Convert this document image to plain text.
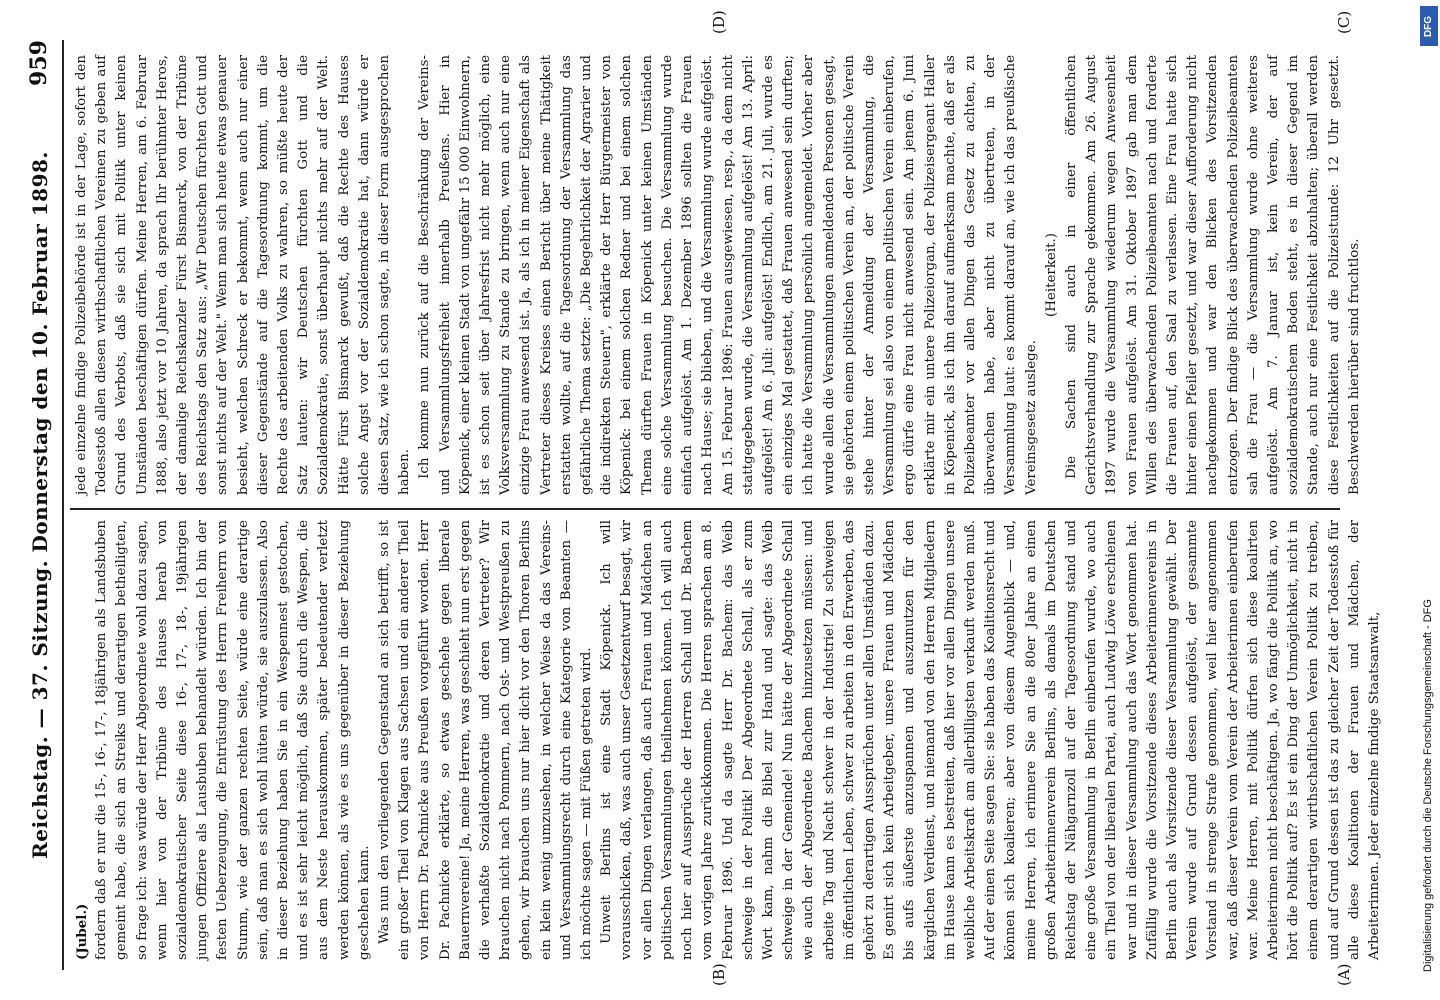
Reichstag. — 37. Sitzung. Donnerstag den 10. Februar 1898.
959

(Jubel.) fordern daß er nur die 15-, 16-, 17-, 18jährigen als Landsbuben gemeint habe, die sich an Streiks und derartigen betheiligten, so frage ich: was würde der Herr Abgeordnete wohl dazu sagen, wenn hier von der Tribüne des Hauses herab von sozialdemokratischer Seite diese 16-, 17-, 18-, 19jährigen jungen Offiziere als Lausbuben behandelt würden. Ich bin der festen Ueberzeugung, die Entrüstung des Herrn Freiherrn von Stumm, wie der ganzen rechten Seite, würde eine derartige sein, daß man es sich wohl hüten würde, sie auszulassen. Also in dieser Beziehung haben Sie in ein Wespennest gestochen, und es ist sehr leicht möglich, daß Sie durch die Wespen, die aus dem Neste herauskommen, später bedeutender verletzt werden können, als wie es uns gegenüber in dieser Beziehung geschehen kann. Was nun den vorliegenden Gegenstand an sich betrifft, so ist ein großer Theil von Klagen aus Sachsen und ein anderer Theil von Herrn Dr. Pachnicke aus Preußen vorgeführt worden. Herr Dr. Pachnicke erklärte, so etwas geschehe gegen liberale Bauernvereine! Ja, meine Herren, was geschieht nun erst gegen die verhaßte Sozialdemokratie und deren Vertreter? Wir brauchen nicht nach Pommern, nach Ost- und Westpreußen zu gehen, wir brauchen uns nur hier dicht vor den Thoren Berlins ein klein wenig umzusehen, in welcher Weise da das Vereins- und Versammlungsrecht durch eine Kategorie von Beamten — ich möchte sagen — mit Füßen getreten wird. Unweit Berlins ist eine Stadt Köpenick. Ich will vorausschicken, daß, was auch unser Gesetzentwurf besagt, wir vor allen Dingen verlangen, daß auch Frauen und Mädchen an politischen Versammlungen theilnehmen können. Ich will auch noch hier auf Aussprüche der Herren Schall und Dr. Bachem vom vorigen Jahre zurückkommen. Die Herren sprachen am 8. Februar 1896. Und da sagte Herr Dr. Bachem: das Weib schweige in der Politik! Der Abgeordnete Schall, als er zum Wort kam, nahm die Bibel zur Hand und sagte: das Weib schweige in der Gemeinde! Nun hätte der Abgeordnete Schall wie auch der Abgeordnete Bachem hinzusetzen müssen: und arbeite Tag und Nacht schwer in der Industrie! Zu schweigen im öffentlichen Leben, schwer zu arbeiten in den Erwerben, das gehört zu derartigen Aussprüchen unter allen Umständen dazu. Es genirt sich kein Arbeitgeber, unsere Frauen und Mädchen bis aufs äußerste anzuspannen und auszunutzen für den kärglichen Verdienst, und niemand von den Herren Mitgliedern im Hause kann es bestreiten, daß hier vor allen Dingen unsere weibliche Arbeitskraft am allerbilligsten verkauft werden muß. Auf der einen Seite sagen Sie: sie haben das Koalitionsrecht und können sich koalieren; aber von diesem Augenblick — und, meine Herren, ich erinnere Sie an die 80er Jahre an einen großen Arbeiterinnenverein Berlins, als damals im Deutschen Reichstag der Nähgarnzoll auf der Tagesordnung stand und eine große Versammlung in Berlin einberufen wurde, wo auch ein Theil von der liberalen Partei, auch Ludwig Löwe erschienen war und in dieser Versammlung auch das Wort genommen hat. Zufällig wurde die Vorsitzende dieses Arbeiterinnenvereins in Berlin auch als Vorsitzende dieser Versammlung gewählt. Der Verein wurde auf Grund dessen aufgelöst, der gesammte Vorstand in strenge Strafe genommen, weil hier angenommen war, daß dieser Verein vom Verein der Arbeiterinnen einberufen war. Meine Herren, mit Politik dürfen sich diese koalirten Arbeiterinnen nicht beschäftigen. Ja, wo fängt die Politik an, wo hört die Politik auf? Es ist ein Ding der Unmöglichkeit, nicht in einem derartigen wirthschaftlichen Verein Politik zu treiben, und auf Grund dessen ist das zu gleicher Zeit der Todesstoß für alle diese Koalitionen der Frauen und Mädchen, der Arbeiterinnen. Jeder einzelne findige Staatsanwalt,

jede einzelne findige Polizeibehörde ist in der Lage, sofort den Todesstoß allen diesen wirthschaftlichen Vereinen zu geben auf Grund des Verbots, daß sie sich mit Politik unter keinen Umständen beschäftigen dürfen. Meine Herren, am 6. Februar 1888, also jetzt vor 10 Jahren, da sprach Ihr berühmter Heros, der damalige Reichskanzler Fürst Bismarck, von der Tribüne des Reichstags den Satz aus: „Wir Deutschen fürchten Gott und sonst nichts auf der Welt." Wenn man sich heute etwas genauer besieht, welchen Schreck er bekommt, wenn auch nur einer dieser Gegenstände auf die Tagesordnung kommt, um die Rechte des arbeitenden Volks zu wahren, so müßte heute der Satz lauten: wir Deutschen fürchten Gott und die Sozialdemokratie, sonst überhaupt nichts mehr auf der Welt. Hätte Fürst Bismarck gewußt, daß die Rechte des Hauses solche Angst vor der Sozialdemokratie hat, dann würde er diesen Satz, wie ich schon sagte, in dieser Form ausgesprochen haben. Ich komme nun zurück auf die Beschränkung der Vereins- und Versammlungsfreiheit innerhalb Preußens. Hier in Köpenick, einer kleinen Stadt von ungefähr 15 000 Einwohnern, ist es schon seit über Jahresfrist nicht mehr möglich, eine Volksversammlung zu Stande zu bringen, wenn auch nur eine einzige Frau anwesend ist. Ja, als ich in meiner Eigenschaft als Vertreter dieses Kreises einen Bericht über meine Thätigkeit erstatten wollte, auf die Tagesordnung der Versammlung das gefährliche Thema setzte: „Die Begehrlichkeit der Agrarier und die indirekten Steuern", erklärte der Herr Bürgermeister von Köpenick: bei einem solchen Redner und bei einem solchen Thema dürften Frauen in Köpenick unter keinen Umständen eine solche Versammlung besuchen. Die Versammlung wurde einfach aufgelöst. Am 1. Dezember 1896 sollten die Frauen nach Hause; sie blieben, und die Versammlung wurde aufgelöst. Am 15. Februar 1896: Frauen ausgewiesen, resp., da dem nicht stattgegeben wurde, die Versammlung aufgelöst! Am 13. April: aufgelöst! Am 6. Juli: aufgelöst! Endlich, am 21. Juli, wurde es ein einziges Mal gestattet, daß Frauen anwesend sein durften; ich hatte die Versammlung persönlich angemeldet. Vorher aber wurde allen die Versammlungen anmeldenden Personen gesagt, sie gehörten einem politischen Verein an, der politische Verein stehe hinter der Anmeldung der Versammlung, die Versammlung sei also von einem politischen Verein einberufen, ergo dürfe eine Frau nicht anwesend sein. Am jenem 6. Juni erklärte mir ein untere Polizeiorgan, der Polizeisergeant Haller in Köpenick, als ich ihn darauf aufmerksam machte, daß er als Polizeibeamter vor allen Dingen das Gesetz zu achten, zu überwachen habe, aber nicht zu übertreten, in der Versammlung laut: es kommt darauf an, wie ich das preußische Vereinsgesetz auslege.

(Heiterkeit.) Die Sachen sind auch in einer öffentlichen Gerichtsverhandlung zur Sprache gekommen. Am 26. August 1897 wurde die Versammlung wiederum wegen Anwesenheit von Frauen aufgelöst. Am 31. Oktober 1897 gab man dem Willen des überwachenden Polizeibeamten nach und forderte die Frauen auf, den Saal zu verlassen. Eine Frau hatte sich hinter einen Pfeiler gesetzt, und war dieser Aufforderung nicht nachgekommen und war den Blicken des Vorsitzenden entzogen. Der findige Blick des überwachenden Polizeibeamten sah die Frau — die Versammlung wurde ohne weiteres aufgelöst. Am 7. Januar ist, kein Verein, der auf sozialdemokratischem Boden steht, es in dieser Gegend im Stande, auch nur eine Festlichkeit abzuhalten; überall werden diese Festlichkeiten auf die Polizeistunde: 12 Uhr gesetzt. Beschwerden hierüber sind fruchtlos.

(A)
(B)
(C)
(D)
Digitalisierung gefördert durch die Deutsche Forschungsgemeinschaft - DFG
DFG
